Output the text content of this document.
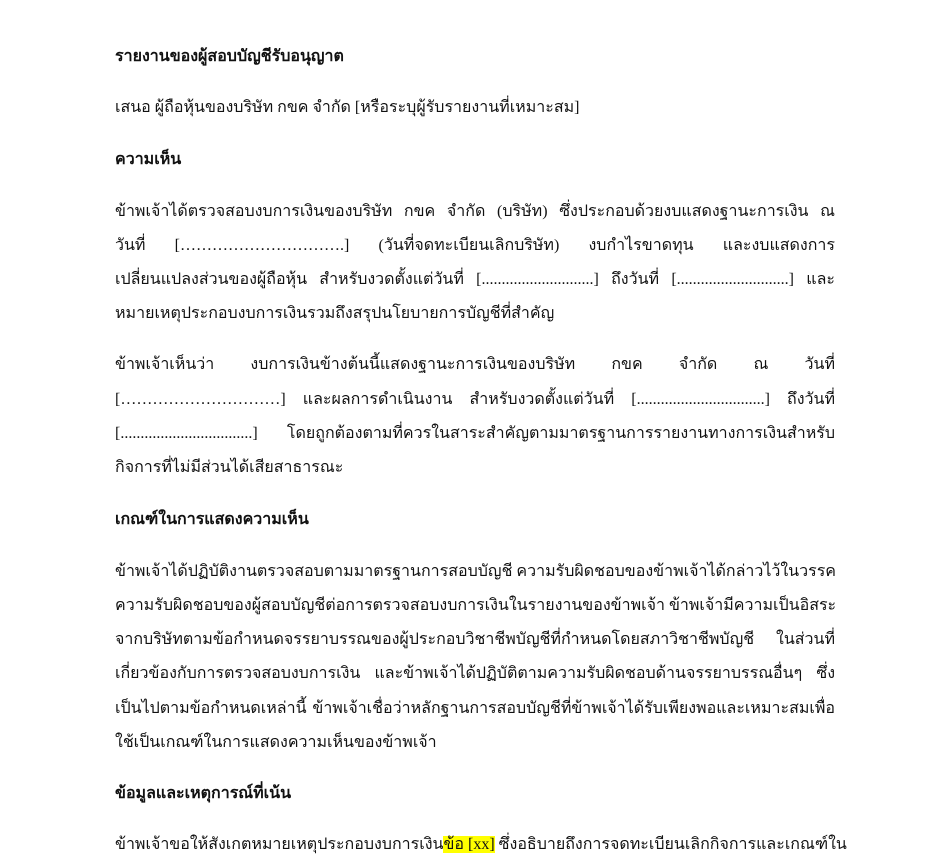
รายงานของผู้สอบบัญชีรับอนุญาต
เสนอ ผู้ถือหุ้นของบริษัท กขค จำกัด [หรือระบุผู้รับรายงานที่เหมาะสม]
ความเห็น
ข้าพเจ้าได้ตรวจสอบงบการเงินของบริษัท กขค จำกัด (บริษัท) ซึ่งประกอบด้วยงบแสดงฐานะการเงิน ณ
วันที่ [………………………….] (วันที่จดทะเบียนเลิกบริษัท) งบกำไรขาดทุน และงบแสดงการ
เปลี่ยนแปลงส่วนของผู้ถือหุ้น สำหรับงวดตั้งแต่วันที่ [............................] ถึงวันที่ [............................] และ
หมายเหตุประกอบงบการเงินรวมถึงสรุปนโยบายการบัญชีที่สำคัญ
ข้าพเจ้าเห็นว่า งบการเงินข้างต้นนี้แสดงฐานะการเงินของบริษัท กขค จำกัด ณ วันที่
[…………………………] และผลการดำเนินงาน สำหรับงวดตั้งแต่วันที่ [................................] ถึงวันที่
[.................................] โดยถูกต้องตามที่ควรในสาระสำคัญตามมาตรฐานการรายงานทางการเงินสำหรับ
กิจการที่ไม่มีส่วนได้เสียสาธารณะ
เกณฑ์ในการแสดงความเห็น
ข้าพเจ้าได้ปฏิบัติงานตรวจสอบตามมาตรฐานการสอบบัญชี ความรับผิดชอบของข้าพเจ้าได้กล่าวไว้ในวรรค
ความรับผิดชอบของผู้สอบบัญชีต่อการตรวจสอบงบการเงินในรายงานของข้าพเจ้า ข้าพเจ้ามีความเป็นอิสระ
จากบริษัทตามข้อกำหนดจรรยาบรรณของผู้ประกอบวิชาชีพบัญชีที่กำหนดโดยสภาวิชาชีพบัญชี ในส่วนที่
เกี่ยวข้องกับการตรวจสอบงบการเงิน และข้าพเจ้าได้ปฏิบัติตามความรับผิดชอบด้านจรรยาบรรณอื่นๆ ซึ่ง
เป็นไปตามข้อกำหนดเหล่านี้ ข้าพเจ้าเชื่อว่าหลักฐานการสอบบัญชีที่ข้าพเจ้าได้รับเพียงพอและเหมาะสมเพื่อ
ใช้เป็นเกณฑ์ในการแสดงความเห็นของข้าพเจ้า
ข้อมูลและเหตุการณ์ที่เน้น
ข้าพเจ้าขอให้สังเกตหมายเหตุประกอบงบการเงินข้อ [xx] ซึ่งอธิบายถึงการจดทะเบียนเลิกกิจการและเกณฑ์ใน
